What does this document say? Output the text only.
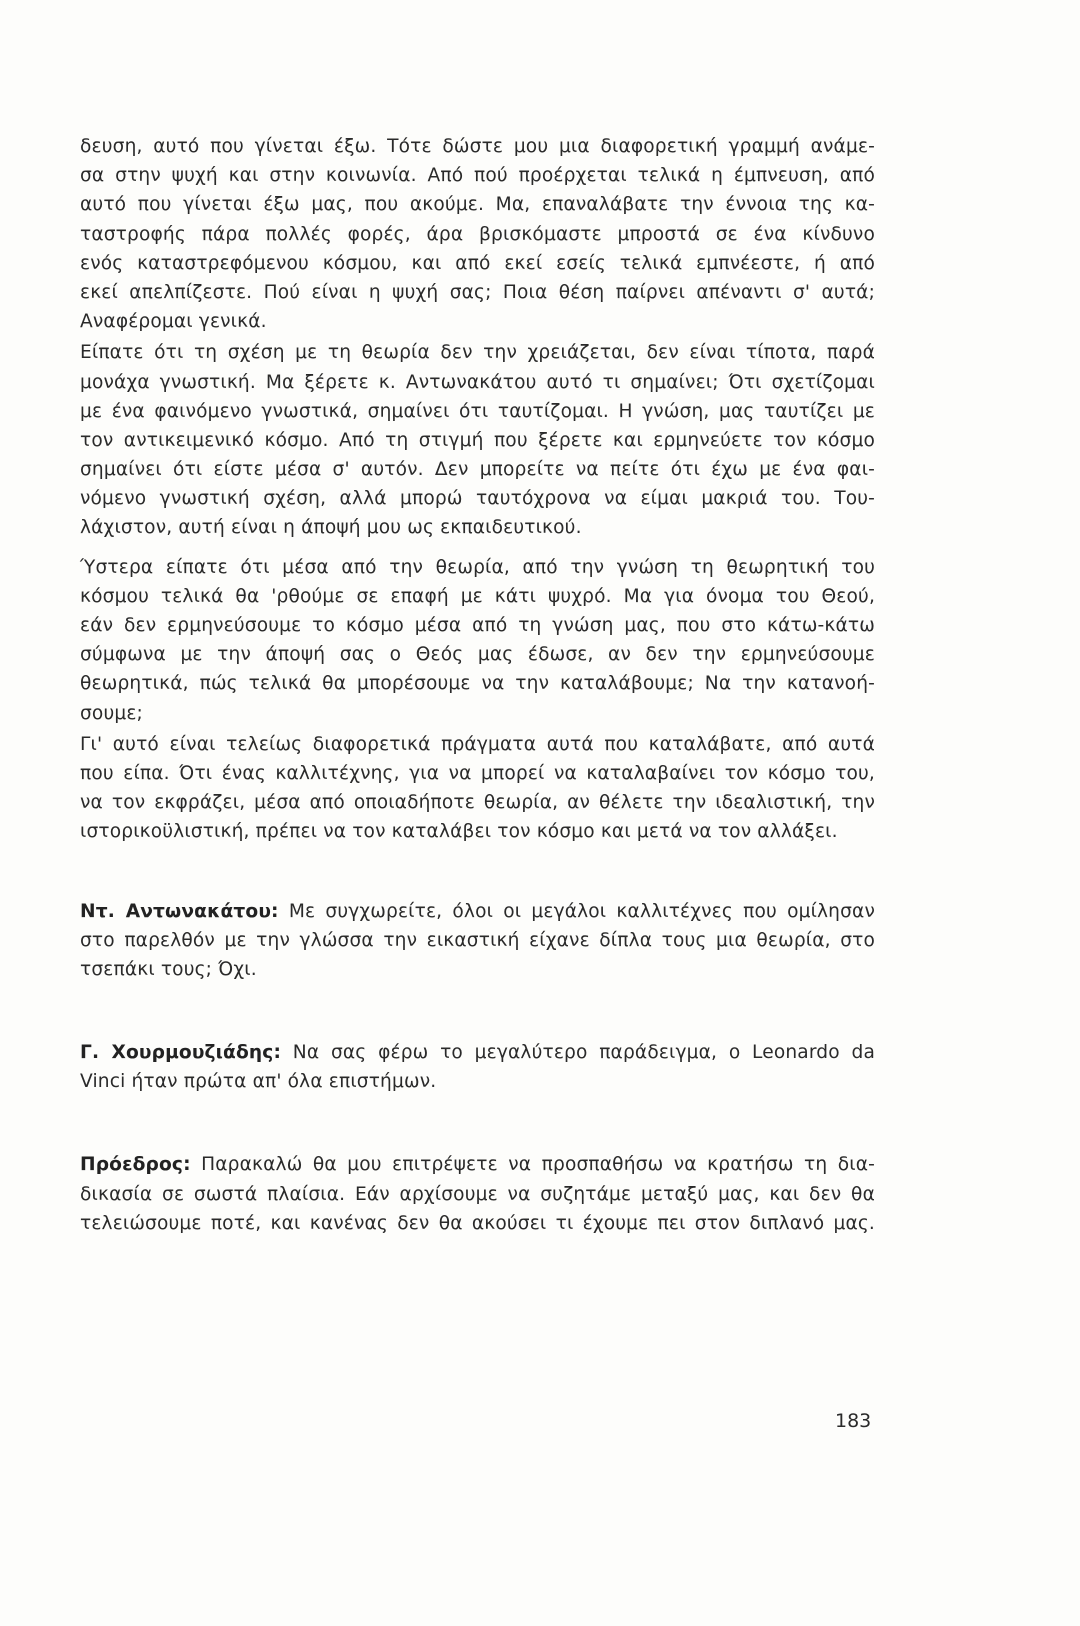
δευση, αυτό που γίνεται έξω. Τότε δώστε μου μια διαφορετική γραμμή ανάμε-
σα στην ψυχή και στην κοινωνία. Από πού προέρχεται τελικά η έμπνευση, από
αυτό που γίνεται έξω μας, που ακούμε. Μα, επαναλάβατε την έννοια της κα-
ταστροφής πάρα πολλές φορές, άρα βρισκόμαστε μπροστά σε ένα κίνδυνο
ενός καταστρεφόμενου κόσμου, και από εκεί εσείς τελικά εμπνέεστε, ή από
εκεί απελπίζεστε. Πού είναι η ψυχή σας; Ποια θέση παίρνει απέναντι σ' αυτά;
Αναφέρομαι γενικά.
Είπατε ότι τη σχέση με τη θεωρία δεν την χρειάζεται, δεν είναι τίποτα, παρά
μονάχα γνωστική. Μα ξέρετε κ. Αντωνακάτου αυτό τι σημαίνει; Ότι σχετίζομαι
με ένα φαινόμενο γνωστικά, σημαίνει ότι ταυτίζομαι. Η γνώση, μας ταυτίζει με
τον αντικειμενικό κόσμο. Από τη στιγμή που ξέρετε και ερμηνεύετε τον κόσμο
σημαίνει ότι είστε μέσα σ' αυτόν. Δεν μπορείτε να πείτε ότι έχω με ένα φαι-
νόμενο γνωστική σχέση, αλλά μπορώ ταυτόχρονα να είμαι μακριά του. Του-
λάχιστον, αυτή είναι η άποψή μου ως εκπαιδευτικού.
Ύστερα είπατε ότι μέσα από την θεωρία, από την γνώση τη θεωρητική του
κόσμου τελικά θα 'ρθούμε σε επαφή με κάτι ψυχρό. Μα για όνομα του Θεού,
εάν δεν ερμηνεύσουμε το κόσμο μέσα από τη γνώση μας, που στο κάτω-κάτω
σύμφωνα με την άποψή σας ο Θεός μας έδωσε, αν δεν την ερμηνεύσουμε
θεωρητικά, πώς τελικά θα μπορέσουμε να την καταλάβουμε; Να την κατανοή-
σουμε;
Γι' αυτό είναι τελείως διαφορετικά πράγματα αυτά που καταλάβατε, από αυτά
που είπα. Ότι ένας καλλιτέχνης, για να μπορεί να καταλαβαίνει τον κόσμο του,
να τον εκφράζει, μέσα από οποιαδήποτε θεωρία, αν θέλετε την ιδεαλιστική, την
ιστορικοϋλιστική, πρέπει να τον καταλάβει τον κόσμο και μετά να τον αλλάξει.
Ντ. Αντωνακάτου: Με συγχωρείτε, όλοι οι μεγάλοι καλλιτέχνες που ομίλησαν
στο παρελθόν με την γλώσσα την εικαστική είχανε δίπλα τους μια θεωρία, στο
τσεπάκι τους; Όχι.
Γ. Χουρμουζιάδης: Να σας φέρω το μεγαλύτερο παράδειγμα, ο Leonardo da
Vinci ήταν πρώτα απ' όλα επιστήμων.
Πρόεδρος: Παρακαλώ θα μου επιτρέψετε να προσπαθήσω να κρατήσω τη δια-
δικασία σε σωστά πλαίσια. Εάν αρχίσουμε να συζητάμε μεταξύ μας, και δεν θα
τελειώσουμε ποτέ, και κανένας δεν θα ακούσει τι έχουμε πει στον διπλανό μας.
183
